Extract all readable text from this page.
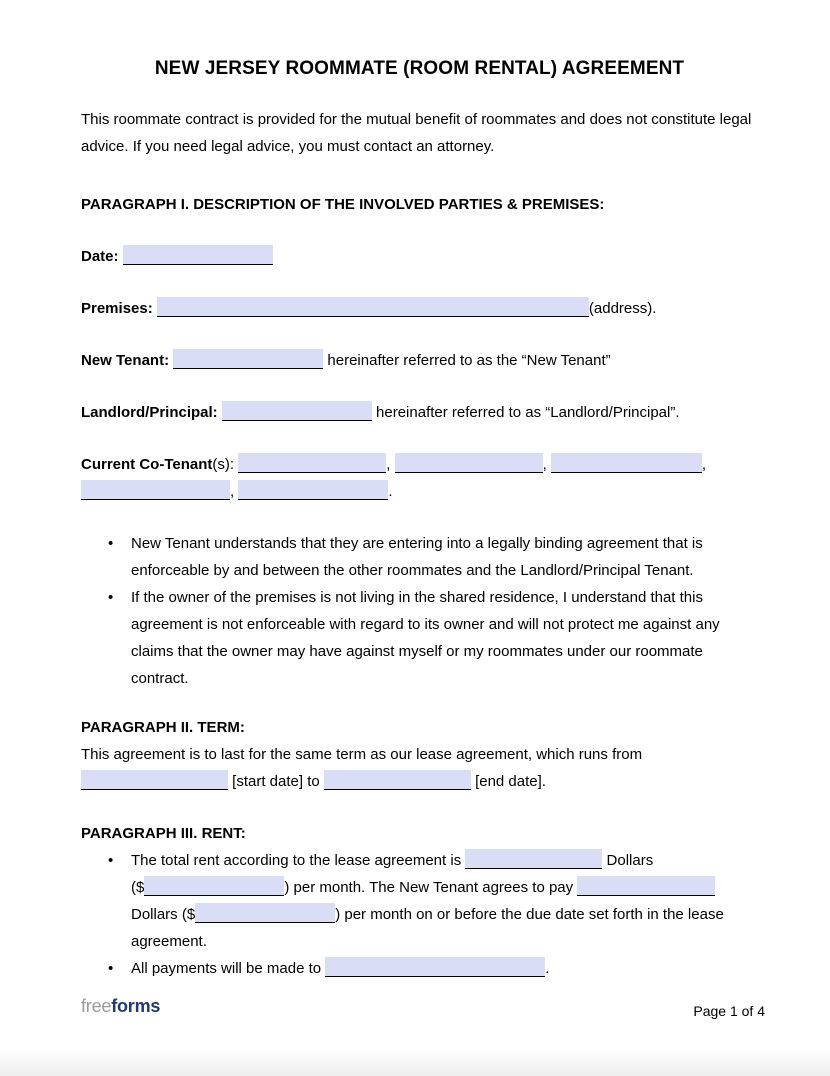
NEW JERSEY ROOMMATE (ROOM RENTAL) AGREEMENT

This roommate contract is provided for the mutual benefit of roommates and does not constitute legal advice. If you need legal advice, you must contact an attorney.

PARAGRAPH I. DESCRIPTION OF THE INVOLVED PARTIES & PREMISES:

Date:

Premises:	(address).

New Tenant:	hereinafter referred to as the “New Tenant”

Landlord/Principal:	hereinafter referred to as “Landlord/Principal”.

Current Co-Tenant(s):	,	,	, ,	.

• New Tenant understands that they are entering into a legally binding agreement that is enforceable by and between the other roommates and the Landlord/Principal Tenant.
• If the owner of the premises is not living in the shared residence, I understand that this agreement is not enforceable with regard to its owner and will not protect me against any claims that the owner may have against myself or my roommates under our roommate contract.
PARAGRAPH II. TERM:

This agreement is to last for the same term as our lease agreement, which runs from  [start date] to	[end date].

PARAGRAPH III. RENT:
• The total rent according to the lease agreement is	Dollars ($	) per month. The New Tenant agrees to pay  Dollars ($	) per month on or before the due date set forth in the lease agreement.
• All payments will be made to	.
freeforms	Page 1 of 4
